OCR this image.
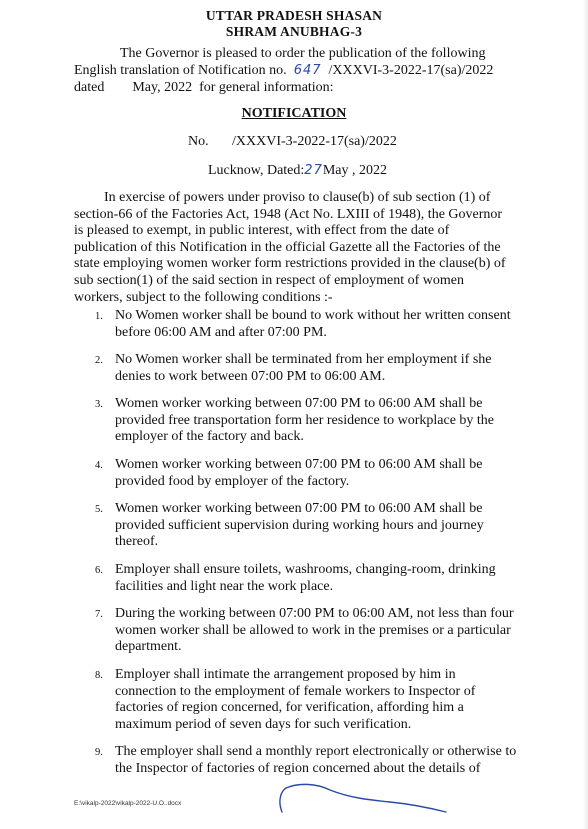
UTTAR PRADESH SHASAN
SHRAM ANUBHAG-3
The Governor is pleased to order the publication of the following
English translation of Notification no. 647 /XXXVI-3-2022-17(sa)/2022
dated        May, 2022  for general information:
NOTIFICATION
No. /XXXVI-3-2022-17(sa)/2022
Lucknow, Dated:27May , 2022
In exercise of powers under proviso to clause(b) of sub section (1) of
section-66 of the Factories Act, 1948 (Act No. LXIII of 1948), the Governor
is pleased to exempt, in public interest, with effect from the date of
publication of this Notification in the official Gazette all the Factories of the
state employing women worker form restrictions provided in the clause(b) of
sub section(1) of the said section in respect of employment of women
workers, subject to the following conditions :-
1. No Women worker shall be bound to work without her written consent
before 06:00 AM and after 07:00 PM.
2. No Women worker shall be terminated from her employment if she
denies to work between 07:00 PM to 06:00 AM.
3. Women worker working between 07:00 PM to 06:00 AM shall be
provided free transportation form her residence to workplace by the
employer of the factory and back.
4. Women worker working between 07:00 PM to 06:00 AM shall be
provided food by employer of the factory.
5. Women worker working between 07:00 PM to 06:00 AM shall be
provided sufficient supervision during working hours and journey
thereof.
6. Employer shall ensure toilets, washrooms, changing-room, drinking
facilities and light near the work place.
7. During the working between 07:00 PM to 06:00 AM, not less than four
women worker shall be allowed to work in the premises or a particular
department.
8. Employer shall intimate the arrangement proposed by him in
connection to the employment of female workers to Inspector of
factories of region concerned, for verification, affording him a
maximum period of seven days for such verification.
9. The employer shall send a monthly report electronically or otherwise to
the Inspector of factories of region concerned about the details of
E:\vikalp-2022\vikalp-2022-U.O..docx
